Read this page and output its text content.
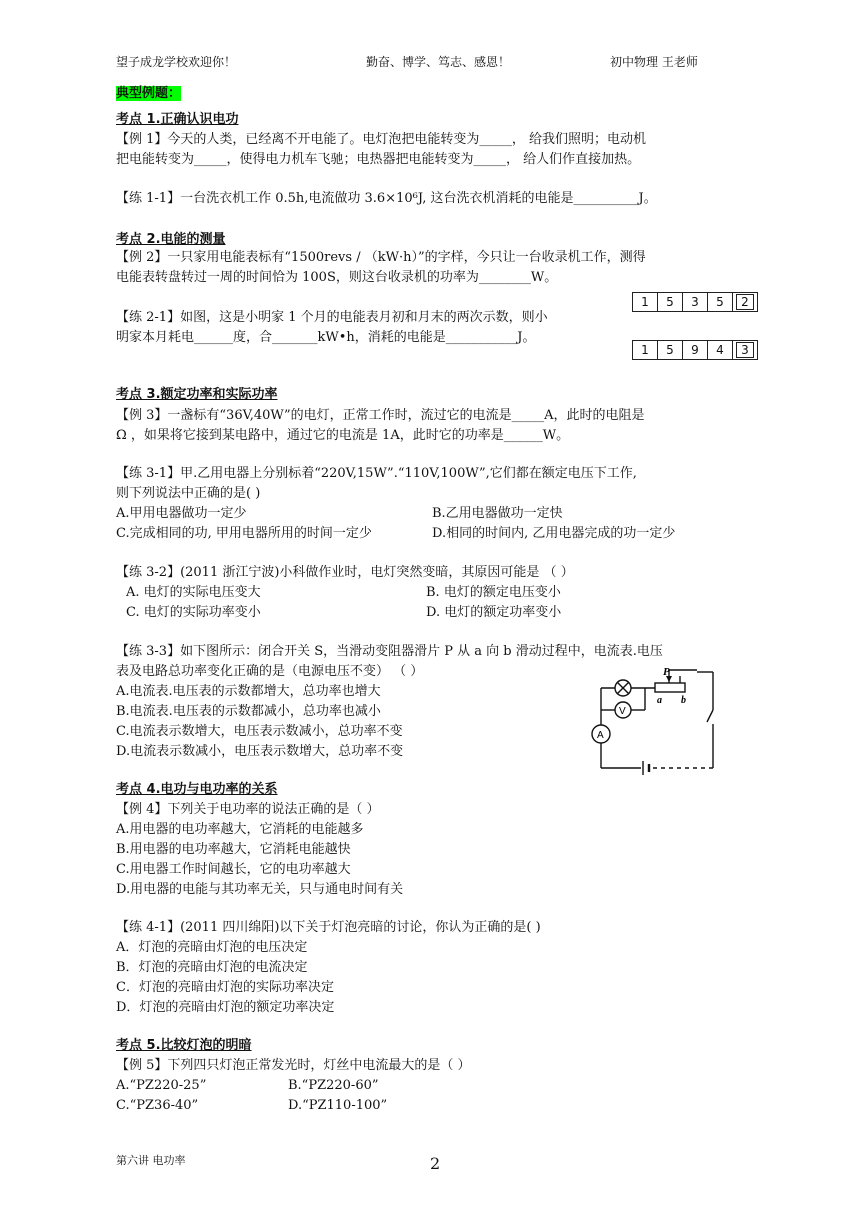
望子成龙学校欢迎你！	勤奋、博学、笃志、感恩！	初中物理 王老师
典型例题：
考点 1.正确认识电功
【例 1】今天的人类，已经离不开电能了。电灯泡把电能转变为_____， 给我们照明；电动机
把电能转变为_____，使得电力机车飞驰；电热器把电能转变为_____， 给人们作直接加热。
【练 1-1】一台洗衣机工作 0.5h,电流做功 3.6×10⁶J, 这台洗衣机消耗的电能是__________J。
考点 2.电能的测量
【例 2】一只家用电能表标有“1500revs / （kW·h）”的字样，今只让一台收录机工作，测得
电能表转盘转过一周的时间恰为 100S，则这台收录机的功率为________W。
【练 2-1】如图，这是小明家 1 个月的电能表月初和月末的两次示数，则小
明家本月耗电______度，合_______kW•h，消耗的电能是___________J。
1	5	3	5	2
1	5	9	4	3
考点 3.额定功率和实际功率
【例 3】一盏标有“36V,40W”的电灯，正常工作时，流过它的电流是_____A，此时的电阻是
Ω ，如果将它接到某电路中，通过它的电流是 1A，此时它的功率是______W。
【练 3-1】甲.乙用电器上分别标着“220V,15W”.“110V,100W”,它们都在额定电压下工作,
则下列说法中正确的是( )
A.甲用电器做功一定少	B.乙用电器做功一定快
C.完成相同的功, 甲用电器所用的时间一定少	D.相同的时间内, 乙用电器完成的功一定少
【练 3-2】(2011 浙江宁波)小科做作业时，电灯突然变暗，其原因可能是 （ ）
A. 电灯的实际电压变大	B. 电灯的额定电压变小
C. 电灯的实际功率变小	D. 电灯的额定功率变小
【练 3-3】如下图所示：闭合开关 S，当滑动变阻器滑片 P 从 a 向 b 滑动过程中，电流表.电压
表及电路总功率变化正确的是（电源电压不变） （ ）
A.电流表.电压表的示数都增大，总功率也增大
B.电流表.电压表的示数都减小，总功率也减小
C.电流表示数增大，电压表示数减小，总功率不变
D.电流表示数减小，电压表示数增大，总功率不变
P
a b
V
A
考点 4.电功与电功率的关系
【例 4】下列关于电功率的说法正确的是（ ）
A.用电器的电功率越大，它消耗的电能越多
B.用电器的电功率越大，它消耗电能越快
C.用电器工作时间越长，它的电功率越大
D.用电器的电能与其功率无关，只与通电时间有关
【练 4-1】(2011 四川绵阳)以下关于灯泡亮暗的讨论，你认为正确的是( )
A．灯泡的亮暗由灯泡的电压决定
B．灯泡的亮暗由灯泡的电流决定
C．灯泡的亮暗由灯泡的实际功率决定
D．灯泡的亮暗由灯泡的额定功率决定
考点 5.比较灯泡的明暗
【例 5】下列四只灯泡正常发光时，灯丝中电流最大的是（ ）
A.“PZ220-25”	B.“PZ220-60”
C.“PZ36-40”	D.“PZ110-100”
第六讲 电功率	2
